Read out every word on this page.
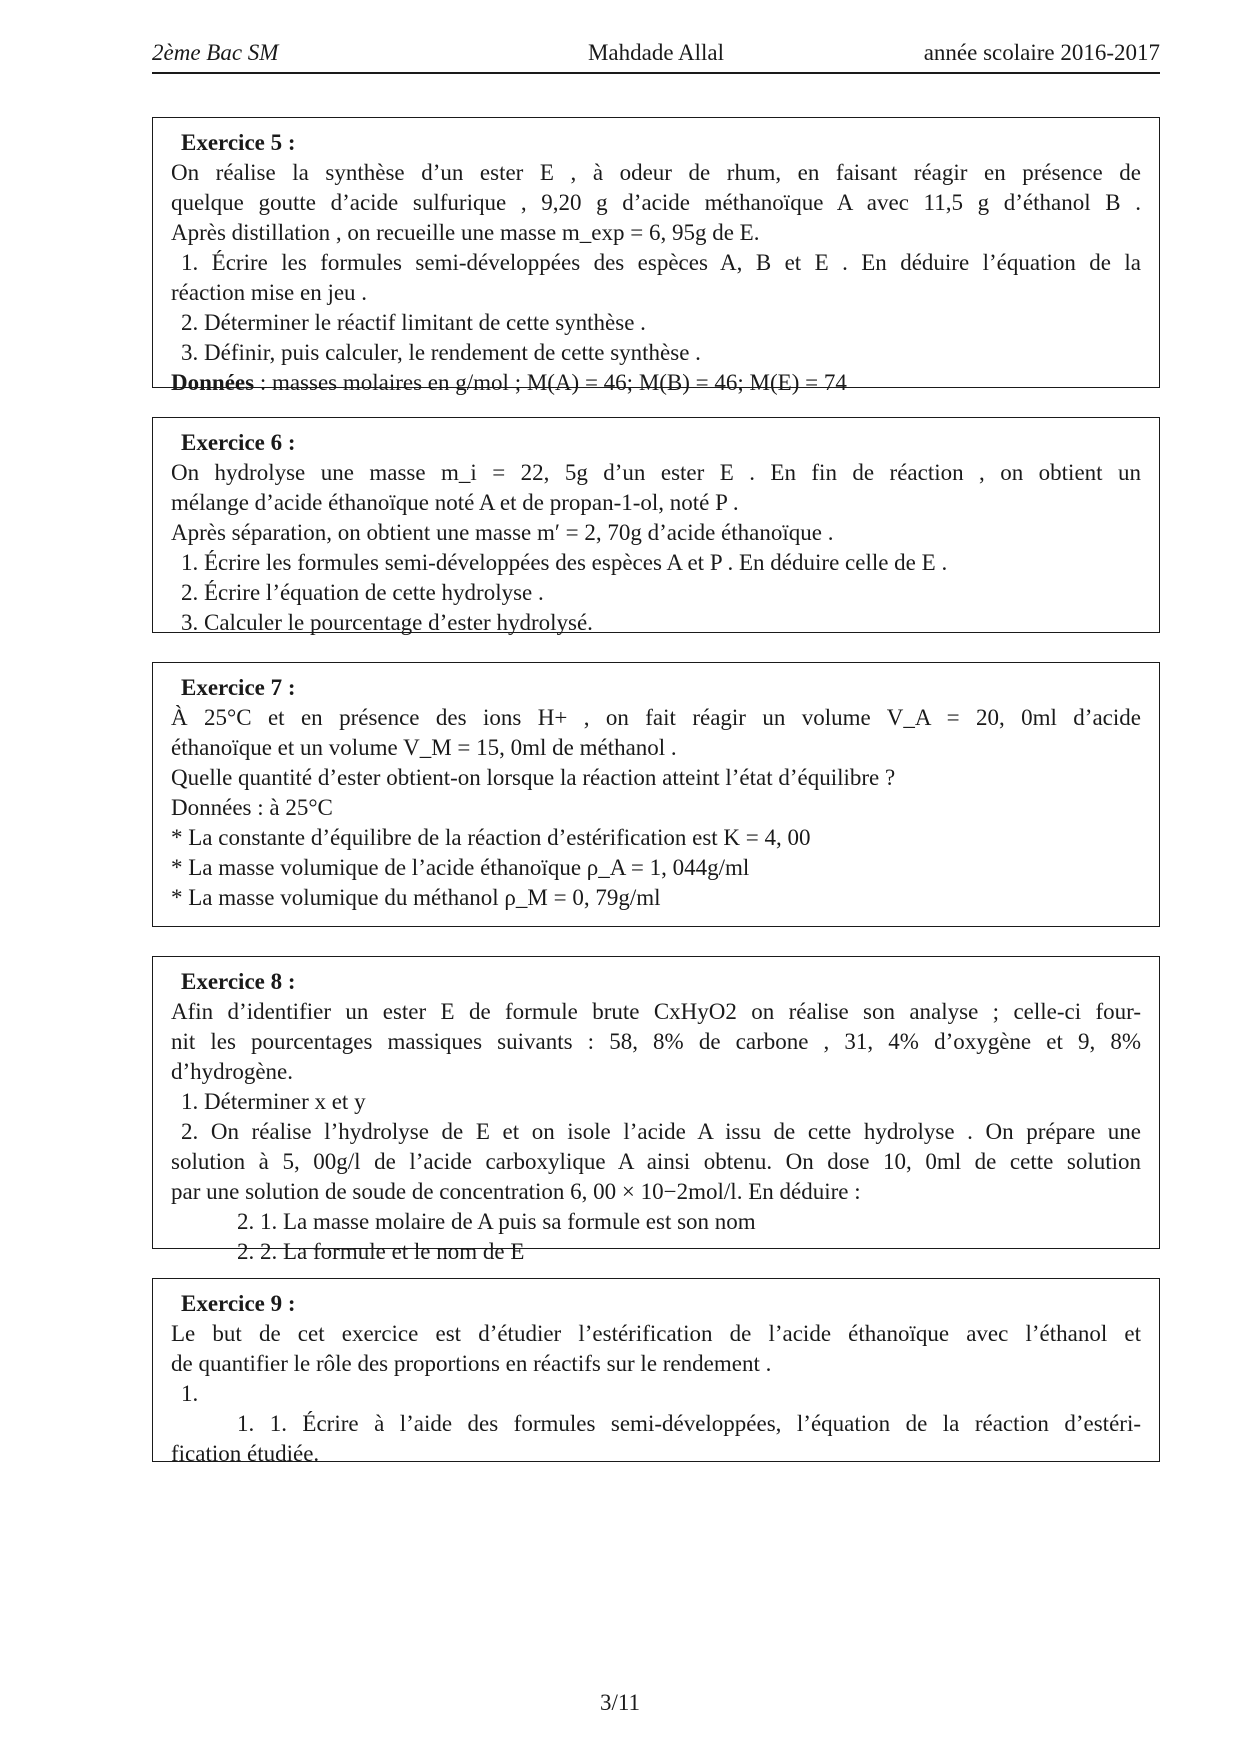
Mahdade Allal
2ème Bac SM	année scolaire 2016-2017
Exercice 5 :
On réalise la synthèse d’un ester E , à odeur de rhum, en faisant réagir en présence de
quelque goutte d’acide sulfurique , 9,20 g d’acide méthanoïque A avec 11,5 g d’éthanol B .
Après distillation , on recueille une masse m_exp = 6, 95g de E.
1. Écrire les formules semi-développées des espèces A, B et E . En déduire l’équation de la
réaction mise en jeu .
2. Déterminer le réactif limitant de cette synthèse .
3. Définir, puis calculer, le rendement de cette synthèse .
Données : masses molaires en g/mol ; M(A) = 46; M(B) = 46; M(E) = 74
Exercice 6 :
On hydrolyse une masse m_i = 22, 5g d’un ester E . En fin de réaction , on obtient un
mélange d’acide éthanoïque noté A et de propan-1-ol, noté P .
Après séparation, on obtient une masse m′ = 2, 70g d’acide éthanoïque .
1. Écrire les formules semi-développées des espèces A et P . En déduire celle de E .
2. Écrire l’équation de cette hydrolyse .
3. Calculer le pourcentage d’ester hydrolysé.
Exercice 7 :
À 25°C et en présence des ions H+ , on fait réagir un volume V_A = 20, 0ml d’acide
éthanoïque et un volume V_M = 15, 0ml de méthanol .
Quelle quantité d’ester obtient-on lorsque la réaction atteint l’état d’équilibre ?
Données : à 25°C
* La constante d’équilibre de la réaction d’estérification est K = 4, 00
* La masse volumique de l’acide éthanoïque ρ_A = 1, 044g/ml
* La masse volumique du méthanol ρ_M = 0, 79g/ml
Exercice 8 :
Afin d’identifier un ester E de formule brute CxHyO2 on réalise son analyse ; celle-ci four-
nit les pourcentages massiques suivants : 58, 8% de carbone , 31, 4% d’oxygène et 9, 8%
d’hydrogène.
1. Déterminer x et y
2. On réalise l’hydrolyse de E et on isole l’acide A issu de cette hydrolyse . On prépare une
solution à 5, 00g/l de l’acide carboxylique A ainsi obtenu. On dose 10, 0ml de cette solution
par une solution de soude de concentration 6, 00 × 10−2mol/l. En déduire :
2. 1. La masse molaire de A puis sa formule est son nom
2. 2. La formule et le nom de E
Exercice 9 :
Le but de cet exercice est d’étudier l’estérification de l’acide éthanoïque avec l’éthanol et
de quantifier le rôle des proportions en réactifs sur le rendement .
1.
1. 1. Écrire à l’aide des formules semi-développées, l’équation de la réaction d’estéri-
fication étudiée.
3/11
